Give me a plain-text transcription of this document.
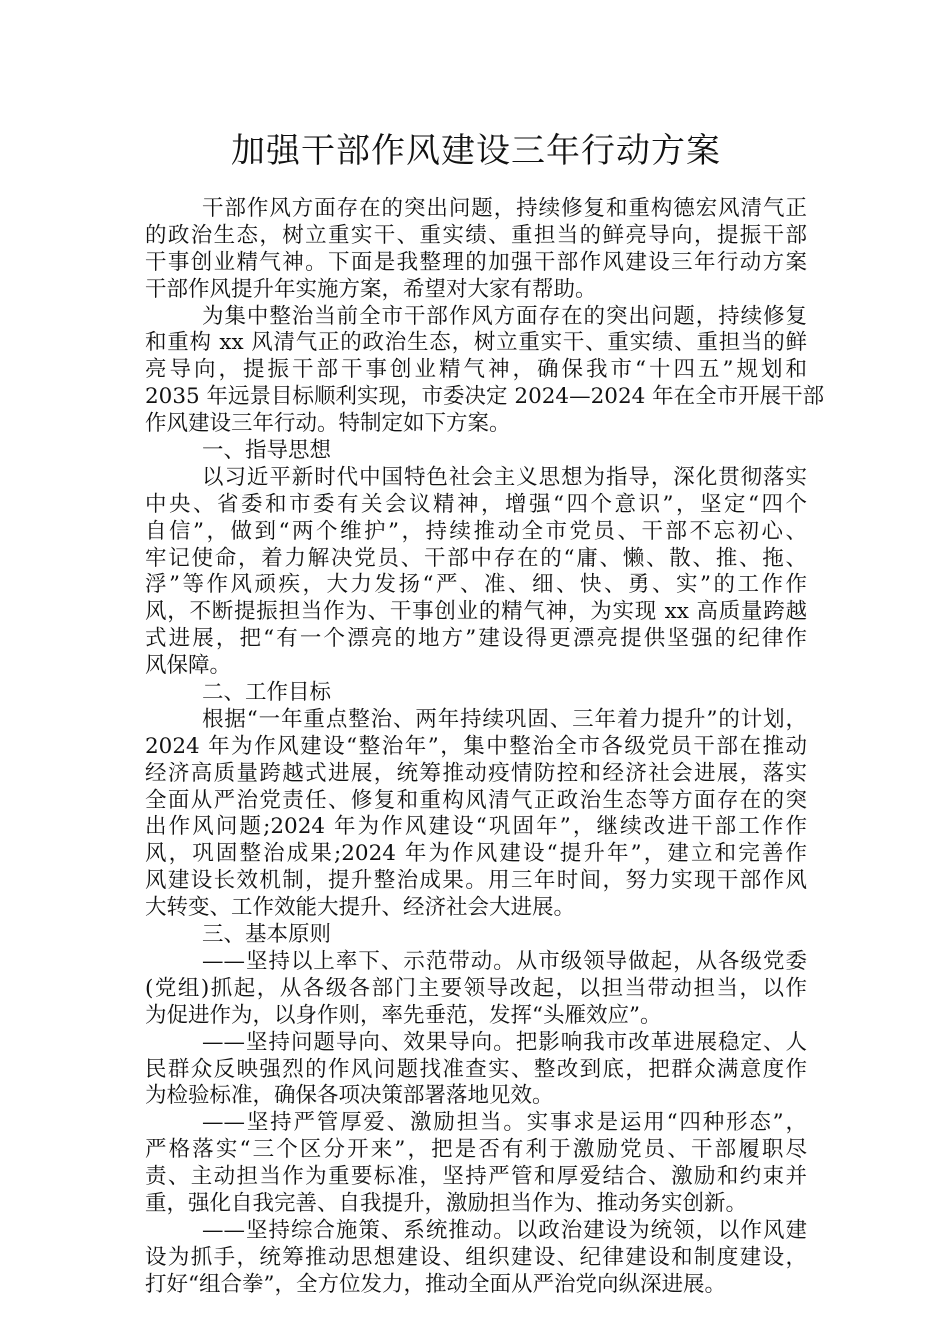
加强干部作风建设三年行动方案
干部作风方面存在的突出问题，持续修复和重构德宏风清气正
的政治生态，树立重实干、重实绩、重担当的鲜亮导向，提振干部
干事创业精气神。下面是我整理的加强干部作风建设三年行动方案
干部作风提升年实施方案，希望对大家有帮助。
为集中整治当前全市干部作风方面存在的突出问题，持续修复
和重构 xx 风清气正的政治生态，树立重实干、重实绩、重担当的鲜
亮导向，提振干部干事创业精气神，确保我市“十四五”规划和
2035 年远景目标顺利实现，市委决定 2024—2024 年在全市开展干部
作风建设三年行动。特制定如下方案。
一、指导思想
以习近平新时代中国特色社会主义思想为指导，深化贯彻落实
中央、省委和市委有关会议精神，增强“四个意识”，坚定“四个
自信”，做到“两个维护”，持续推动全市党员、干部不忘初心、
牢记使命，着力解决党员、干部中存在的“庸、懒、散、推、拖、
浮”等作风顽疾，大力发扬“严、准、细、快、勇、实”的工作作
风，不断提振担当作为、干事创业的精气神，为实现 xx 高质量跨越
式进展，把“有一个漂亮的地方”建设得更漂亮提供坚强的纪律作
风保障。
二、工作目标
根据“一年重点整治、两年持续巩固、三年着力提升”的计划，
2024 年为作风建设“整治年”，集中整治全市各级党员干部在推动
经济高质量跨越式进展，统筹推动疫情防控和经济社会进展，落实
全面从严治党责任、修复和重构风清气正政治生态等方面存在的突
出作风问题;2024 年为作风建设“巩固年”，继续改进干部工作作
风，巩固整治成果;2024 年为作风建设“提升年”，建立和完善作
风建设长效机制，提升整治成果。用三年时间，努力实现干部作风
大转变、工作效能大提升、经济社会大进展。
三、基本原则
——坚持以上率下、示范带动。从市级领导做起，从各级党委
(党组)抓起，从各级各部门主要领导改起，以担当带动担当，以作
为促进作为，以身作则，率先垂范，发挥“头雁效应”。
——坚持问题导向、效果导向。把影响我市改革进展稳定、人
民群众反映强烈的作风问题找准查实、整改到底，把群众满意度作
为检验标准，确保各项决策部署落地见效。
——坚持严管厚爱、激励担当。实事求是运用“四种形态”，
严格落实“三个区分开来”，把是否有利于激励党员、干部履职尽
责、主动担当作为重要标准，坚持严管和厚爱结合、激励和约束并
重，强化自我完善、自我提升，激励担当作为、推动务实创新。
——坚持综合施策、系统推动。以政治建设为统领，以作风建
设为抓手，统筹推动思想建设、组织建设、纪律建设和制度建设，
打好“组合拳”，全方位发力，推动全面从严治党向纵深进展。
